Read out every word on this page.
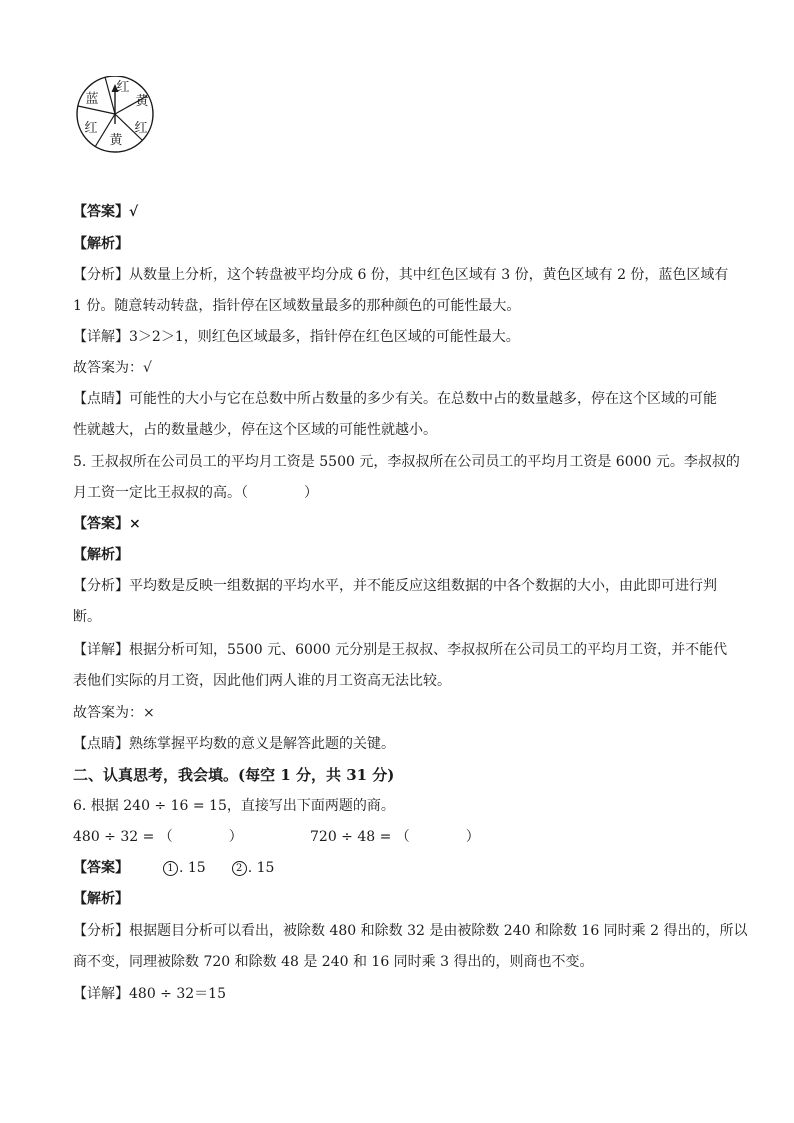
红
黄
红
黄
红
蓝
【答案】√
【解析】
【分析】从数量上分析，这个转盘被平均分成 6 份，其中红色区域有 3 份，黄色区域有 2 份，蓝色区域有
1 份。随意转动转盘，指针停在区域数量最多的那种颜色的可能性最大。
【详解】3＞2＞1，则红色区域最多，指针停在红色区域的可能性最大。
故答案为：√
【点睛】可能性的大小与它在总数中所占数量的多少有关。在总数中占的数量越多，停在这个区域的可能
性就越大，占的数量越少，停在这个区域的可能性就越小。
5. 王叔叔所在公司员工的平均月工资是 5500 元，李叔叔所在公司员工的平均月工资是 6000 元。李叔叔的
月工资一定比王叔叔的高。（　　　　）
【答案】×
【解析】
【分析】平均数是反映一组数据的平均水平，并不能反应这组数据的中各个数据的大小，由此即可进行判
断。
【详解】根据分析可知，5500 元、6000 元分别是王叔叔、李叔叔所在公司员工的平均月工资，并不能代
表他们实际的月工资，因此他们两人谁的月工资高无法比较。
故答案为：×
【点睛】熟练掌握平均数的意义是解答此题的关键。
二、认真思考，我会填。(每空 1 分，共 31 分)
6. 根据 240 ÷ 16 = 15，直接写出下面两题的商。
480 ÷ 32 = （　　　　）	720 ÷ 48 = （　　　　）
【答案】	1 . 15	2 . 15
【解析】
【分析】根据题目分析可以看出，被除数 480 和除数 32 是由被除数 240 和除数 16 同时乘 2 得出的，所以
商不变，同理被除数 720 和除数 48 是 240 和 16 同时乘 3 得出的，则商也不变。
【详解】480 ÷ 32＝15
